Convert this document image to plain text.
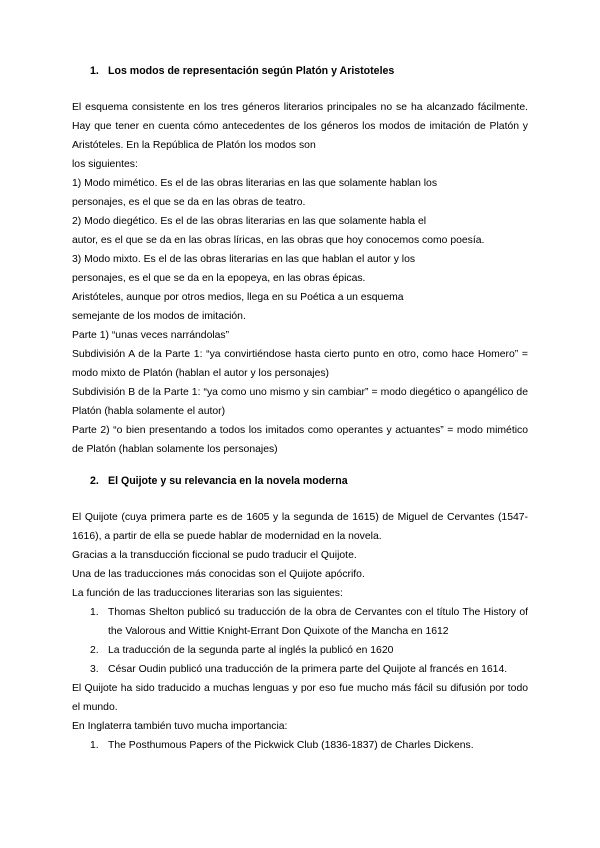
1. Los modos de representación según Platón y Aristoteles

El esquema consistente en los tres géneros literarios principales no se ha alcanzado fácilmente. Hay que tener en cuenta cómo antecedentes de los géneros los modos de imitación de Platón y Aristóteles. En la República de Platón los modos son

los siguientes:

1) Modo mimético. Es el de las obras literarias en las que solamente hablan los

personajes, es el que se da en las obras de teatro.

2) Modo diegético. Es el de las obras literarias en las que solamente habla el

autor, es el que se da en las obras líricas, en las obras que hoy conocemos como poesía.

3) Modo mixto. Es el de las obras literarias en las que hablan el autor y los

personajes, es el que se da en la epopeya, en las obras épicas.

Aristóteles, aunque por otros medios, llega en su Poética a un esquema

semejante de los modos de imitación.

Parte 1) “unas veces narrándolas”

Subdivisión A de la Parte 1: “ya convirtiéndose hasta cierto punto en otro, como hace Homero” = modo mixto de Platón (hablan el autor y los personajes)

Subdivisión B de la Parte 1: “ya como uno mismo y sin cambiar” = modo diegético o apangélico de Platón (habla solamente el autor)

Parte 2) “o bien presentando a todos los imitados como operantes y actuantes” = modo mimético de Platón (hablan solamente los personajes)

2. El Quijote y su relevancia en la novela moderna

El Quijote (cuya primera parte es de 1605 y la segunda de 1615) de Miguel de Cervantes (1547-1616), a partir de ella se puede hablar de modernidad en la novela.

Gracias a la transducción ficcional se pudo traducir el Quijote.

Una de las traducciones más conocidas son el Quijote apócrifo.

La función de las traducciones literarias son las siguientes:

1. Thomas Shelton publicó su traducción de la obra de Cervantes con el título The History of the Valorous and Wittie Knight-Errant Don Quixote of the Mancha en 1612
2. La traducción de la segunda parte al inglés la publicó en 1620
3. César Oudin publicó una traducción de la primera parte del Quijote al francés en 1614.

El Quijote ha sido traducido a muchas lenguas y por eso fue mucho más fácil su difusión por todo el mundo.

En Inglaterra también tuvo mucha importancia:

1. The Posthumous Papers of the Pickwick Club (1836-1837) de Charles Dickens.
